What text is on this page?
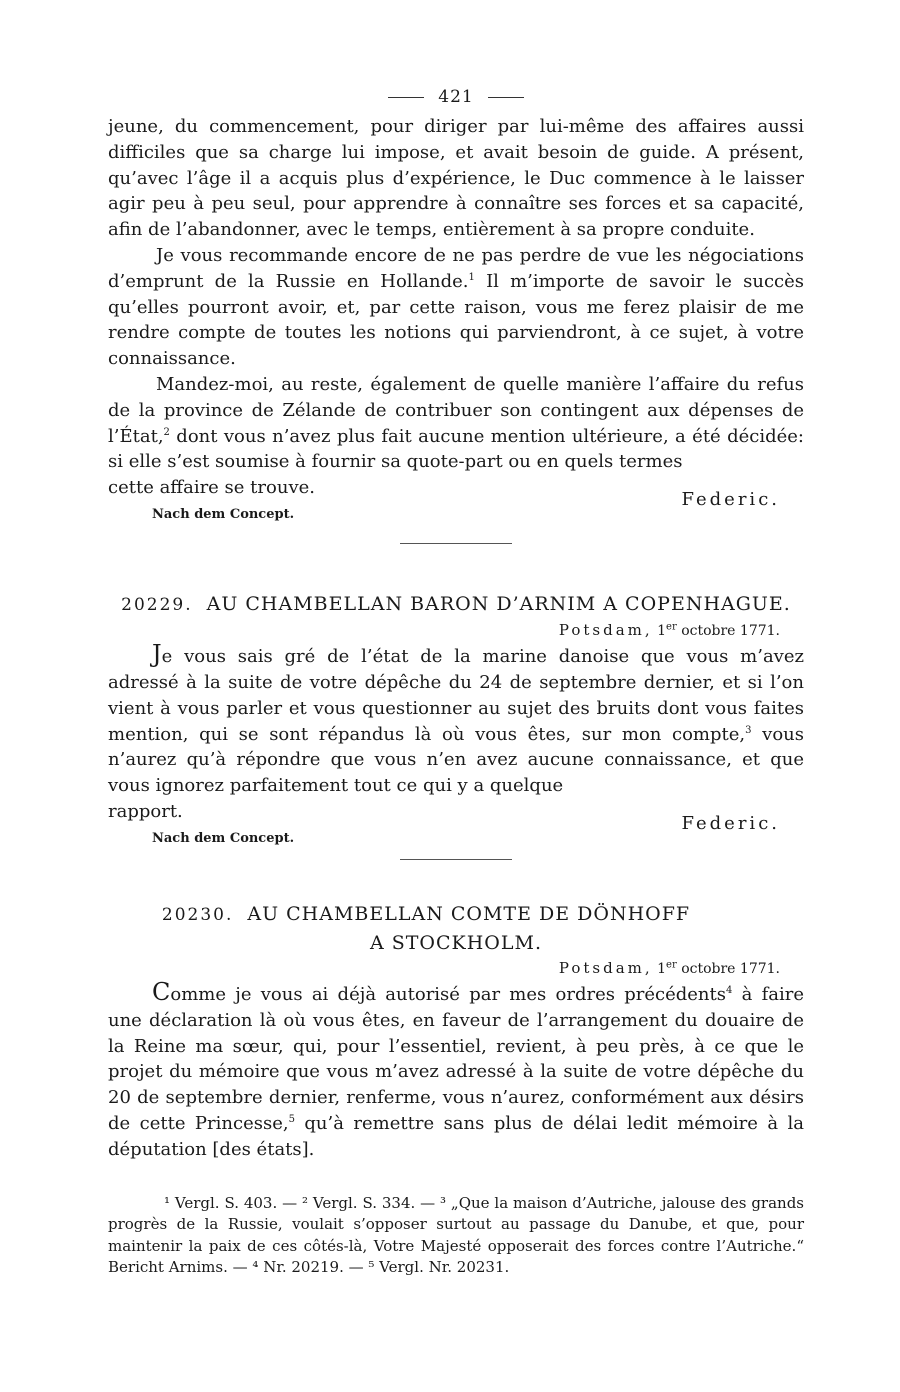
421

jeune, du commencement, pour diriger par lui-même des affaires aussi difficiles que sa charge lui impose, et avait besoin de guide. A présent, qu’avec l’âge il a acquis plus d’expérience, le Duc commence à le laisser agir peu à peu seul, pour apprendre à connaître ses forces et sa capacité, afin de l’abandonner, avec le temps, entièrement à sa propre conduite.

Je vous recommande encore de ne pas perdre de vue les négociations d’emprunt de la Russie en Hollande.$^1$ Il m’importe de savoir le succès qu’elles pourront avoir, et, par cette raison, vous me ferez plaisir de me rendre compte de toutes les notions qui parviendront, à ce sujet, à votre connaissance.

Mandez-moi, au reste, également de quelle manière l’affaire du refus de la province de Zélande de contribuer son contingent aux dépenses de l’État,$^2$ dont vous n’avez plus fait aucune mention ultérieure, a été décidée: si elle s’est soumise à fournir sa quote-part ou en quels termes

cette affaire se trouve.
Federic.
Nach dem Concept.
20229. AU CHAMBELLAN BARON D’ARNIM A COPENHAGUE.
Potsdam, 1er octobre 1771.

Je vous sais gré de l’état de la marine danoise que vous m’avez adressé à la suite de votre dépêche du 24 de septembre dernier, et si l’on vient à vous parler et vous questionner au sujet des bruits dont vous faites mention, qui se sont répandus là où vous êtes, sur mon compte,$^3$ vous n’aurez qu’à répondre que vous n’en avez aucune connaissance, et que vous ignorez parfaitement tout ce qui y a quelque

rapport.
Federic.
Nach dem Concept.
20230. AU CHAMBELLAN COMTE DE DÖNHOFF
A STOCKHOLM.
Potsdam, 1er octobre 1771.

Comme je vous ai déjà autorisé par mes ordres précédents$^4$ à faire une déclaration là où vous êtes, en faveur de l’arrangement du douaire de la Reine ma sœur, qui, pour l’essentiel, revient, à peu près, à ce que le projet du mémoire que vous m’avez adressé à la suite de votre dépêche du 20 de septembre dernier, renferme, vous n’aurez, conformément aux désirs de cette Princesse,$^5$ qu’à remettre sans plus de délai ledit mémoire à la députation [des états].

¹ Vergl. S. 403. — ² Vergl. S. 334. — ³ „Que la maison d’Autriche, jalouse des grands progrès de la Russie, voulait s’opposer surtout au passage du Danube, et que, pour maintenir la paix de ces côtés-là, Votre Majesté opposerait des forces contre l’Autriche.“ Bericht Arnims. — ⁴ Nr. 20219. — ⁵ Vergl. Nr. 20231.
